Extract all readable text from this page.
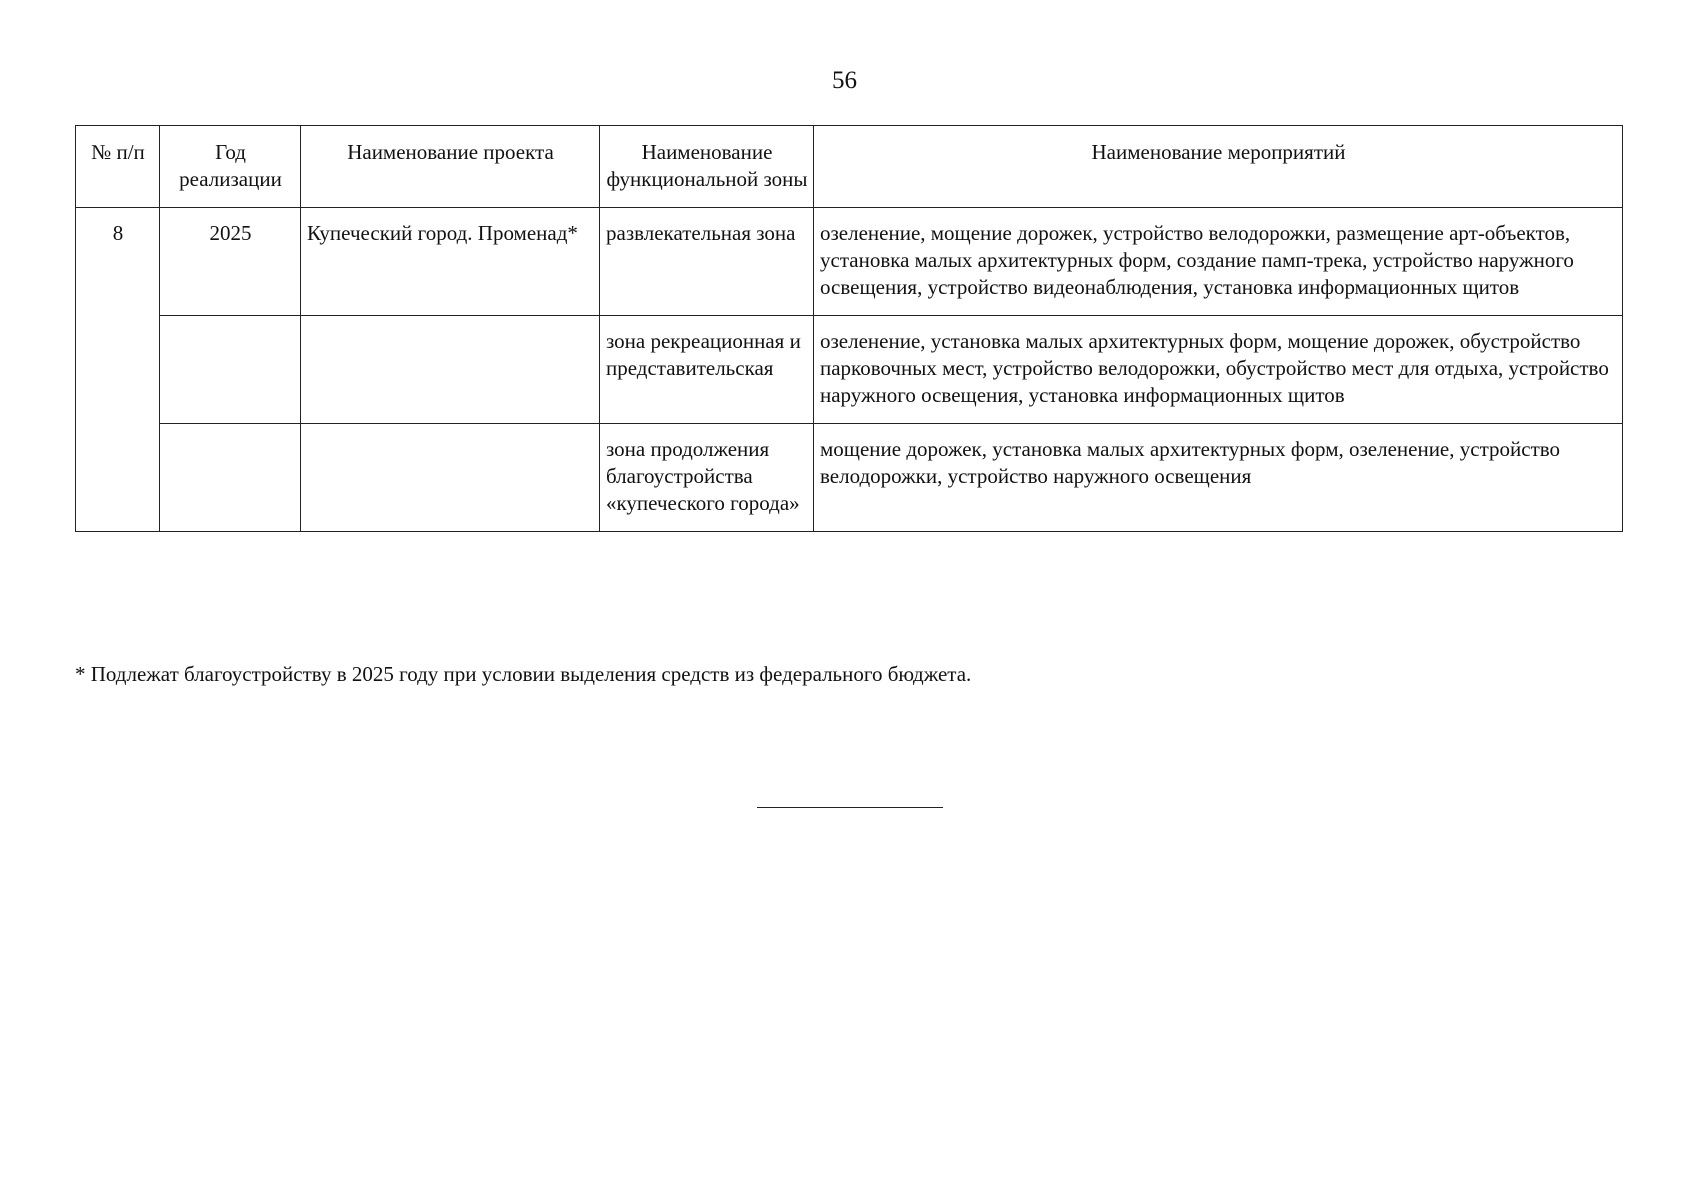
56
№ п/п	Год реализации	Наименование проекта	Наименование функциональной зоны	Наименование мероприятий
8	2025	Купеческий город. Променад*	развлекательная зона	озеленение, мощение дорожек, устройство велодорожки, размещение арт-объектов, установка малых архитектурных форм, создание памп-трека, устройство наружного освещения, устройство видеонаблюдения, установка информационных щитов
			зона рекреационная и представительская	озеленение, установка малых архитектурных форм, мощение дорожек, обустройство парковочных мест, устройство велодорожки, обустройство мест для отдыха, устройство наружного освещения, установка информационных щитов
			зона продолжения благоустройства «купеческого города»	мощение дорожек, установка малых архитектурных форм, озеленение, устройство велодорожки, устройство наружного освещения
* Подлежат благоустройству в 2025 году при условии выделения средств из федерального бюджета.
